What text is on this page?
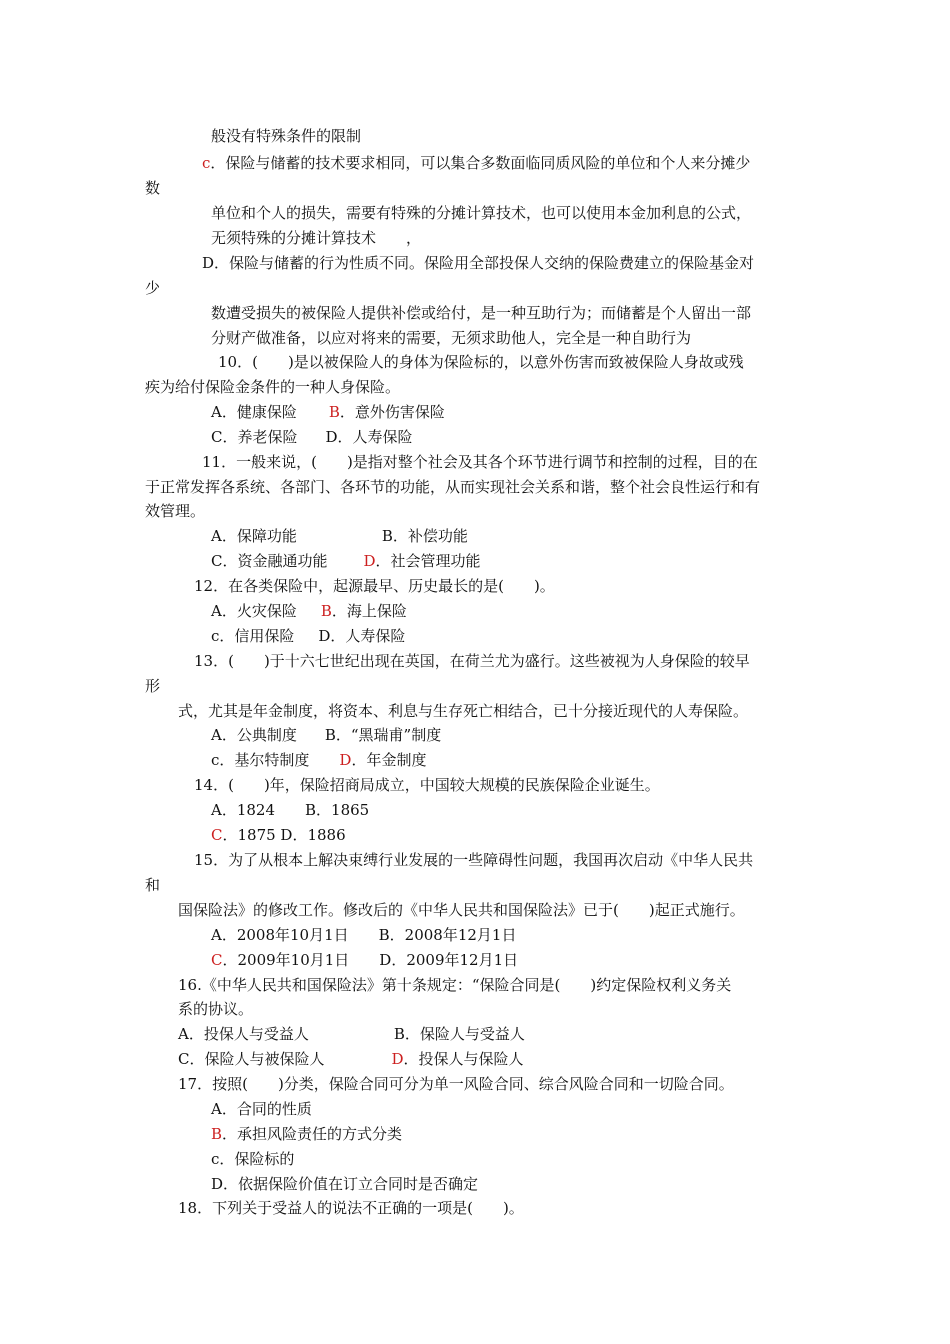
般没有特殊条件的限制
c．保险与储蓄的技术要求相同，可以集合多数面临同质风险的单位和个人来分摊少
数
单位和个人的损失，需要有特殊的分摊计算技术，也可以使用本金加利息的公式，
无须特殊的分摊计算技术　　，
D．保险与储蓄的行为性质不同。保险用全部投保人交纳的保险费建立的保险基金对
少
数遭受损失的被保险人提供补偿或给付，是一种互助行为；而储蓄是个人留出一部
分财产做准备，以应对将来的需要，无须求助他人，完全是一种自助行为
10．(　　)是以被保险人的身体为保险标的，以意外伤害而致被保险人身故或残
疾为给付保险金条件的一种人身保险。
A．健康保险 B．意外伤害保险
C．养老保险 D．人寿保险
11．一般来说，(　　)是指对整个社会及其各个环节进行调节和控制的过程，目的在
于正常发挥各系统、各部门、各环节的功能，从而实现社会关系和谐，整个社会良性运行和有
效管理。
A．保障功能	B．补偿功能
C．资金融通功能 D．社会管理功能
12．在各类保险中，起源最早、历史最长的是(　　)。
A．火灾保险 B．海上保险
c．信用保险 D．人寿保险
13．(　　)于十六七世纪出现在英国，在荷兰尤为盛行。这些被视为人身保险的较早
形
式，尤其是年金制度，将资本、利息与生存死亡相结合，已十分接近现代的人寿保险。
A．公典制度 B．“黑瑞甫”制度
c．基尔特制度 D．年金制度
14．(　　)年，保险招商局成立，中国较大规模的民族保险企业诞生。
A．1824 B．1865
C．1875 D．1886
15．为了从根本上解决束缚行业发展的一些障碍性问题，我国再次启动《中华人民共
和
国保险法》的修改工作。修改后的《中华人民共和国保险法》已于(　　)起正式施行。
A．2008年10月1日 B．2008年12月1日
C．2009年10月1日 D．2009年12月1日
16.《中华人民共和国保险法》第十条规定：“保险合同是(　　)约定保险权利义务关
系的协议。
A．投保人与受益人	B．保险人与受益人
C．保险人与被保险人	D．投保人与保险人
17．按照(　　)分类，保险合同可分为单一风险合同、综合风险合同和一切险合同。
A．合同的性质
B．承担风险责任的方式分类
c．保险标的
D．依据保险价值在订立合同时是否确定
18．下列关于受益人的说法不正确的一项是(　　)。
